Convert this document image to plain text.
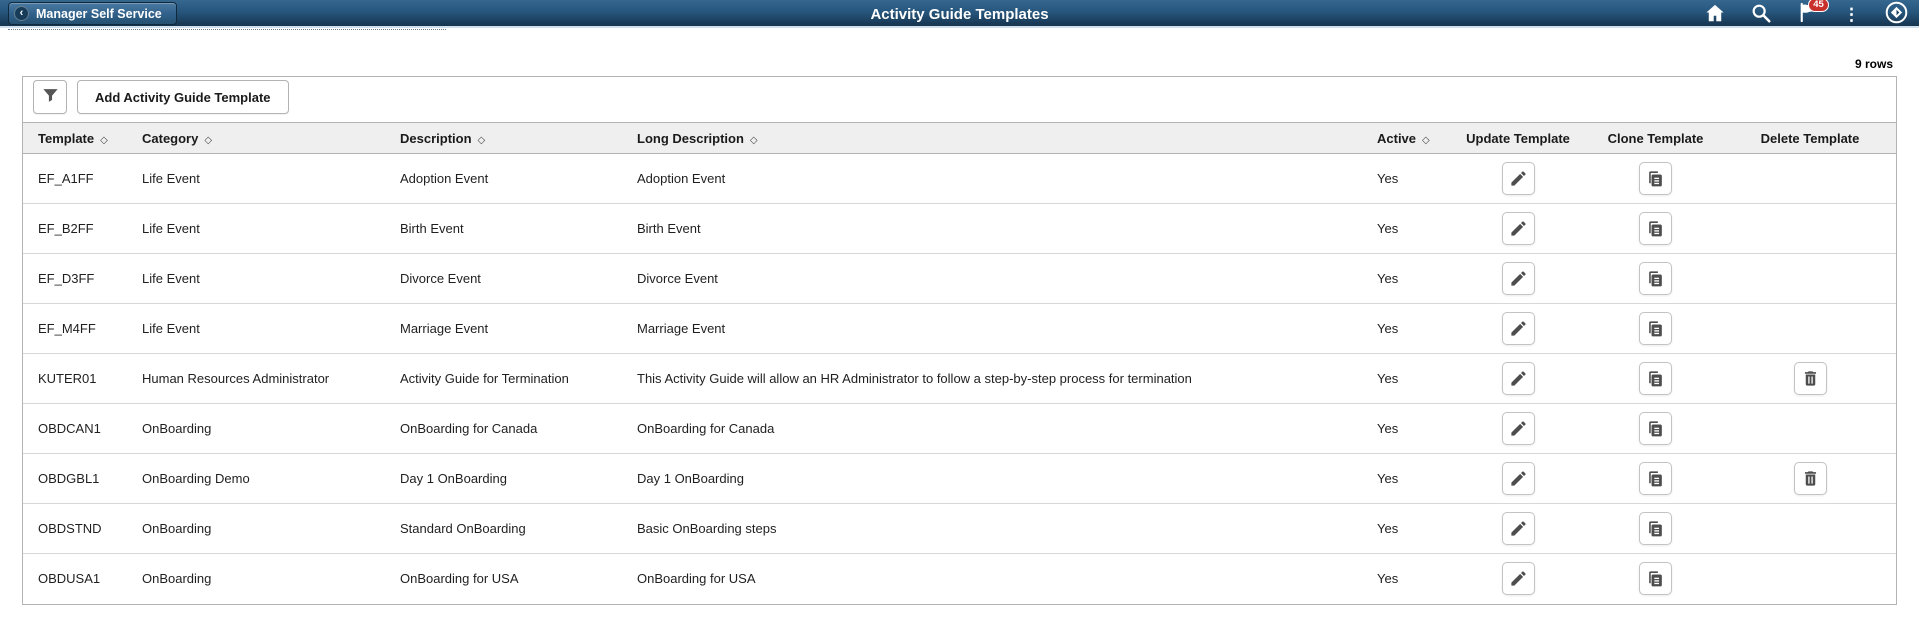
‹	Manager Self Service	Activity Guide Templates
45	⋮
9 rows
Add Activity Guide Template
Template ◇	Category ◇	Description ◇	Long Description ◇	Active ◇	Update Template	Clone Template	Delete Template
EF_A1FF	Life Event	Adoption Event	Adoption Event	Yes	

EF_B2FF	Life Event	Birth Event	Birth Event	Yes	

EF_D3FF	Life Event	Divorce Event	Divorce Event	Yes	

EF_M4FF	Life Event	Marriage Event	Marriage Event	Yes	

KUTER01	Human Resources Administrator	Activity Guide for Termination	This Activity Guide will allow an HR Administrator to follow a step-by-step process for termination	Yes	

OBDCAN1	OnBoarding	OnBoarding for Canada	OnBoarding for Canada	Yes	

OBDGBL1	OnBoarding Demo	Day 1 OnBoarding	Day 1 OnBoarding	Yes	

OBDSTND	OnBoarding	Standard OnBoarding	Basic OnBoarding steps	Yes	

OBDUSA1	OnBoarding	OnBoarding for USA	OnBoarding for USA	Yes	
